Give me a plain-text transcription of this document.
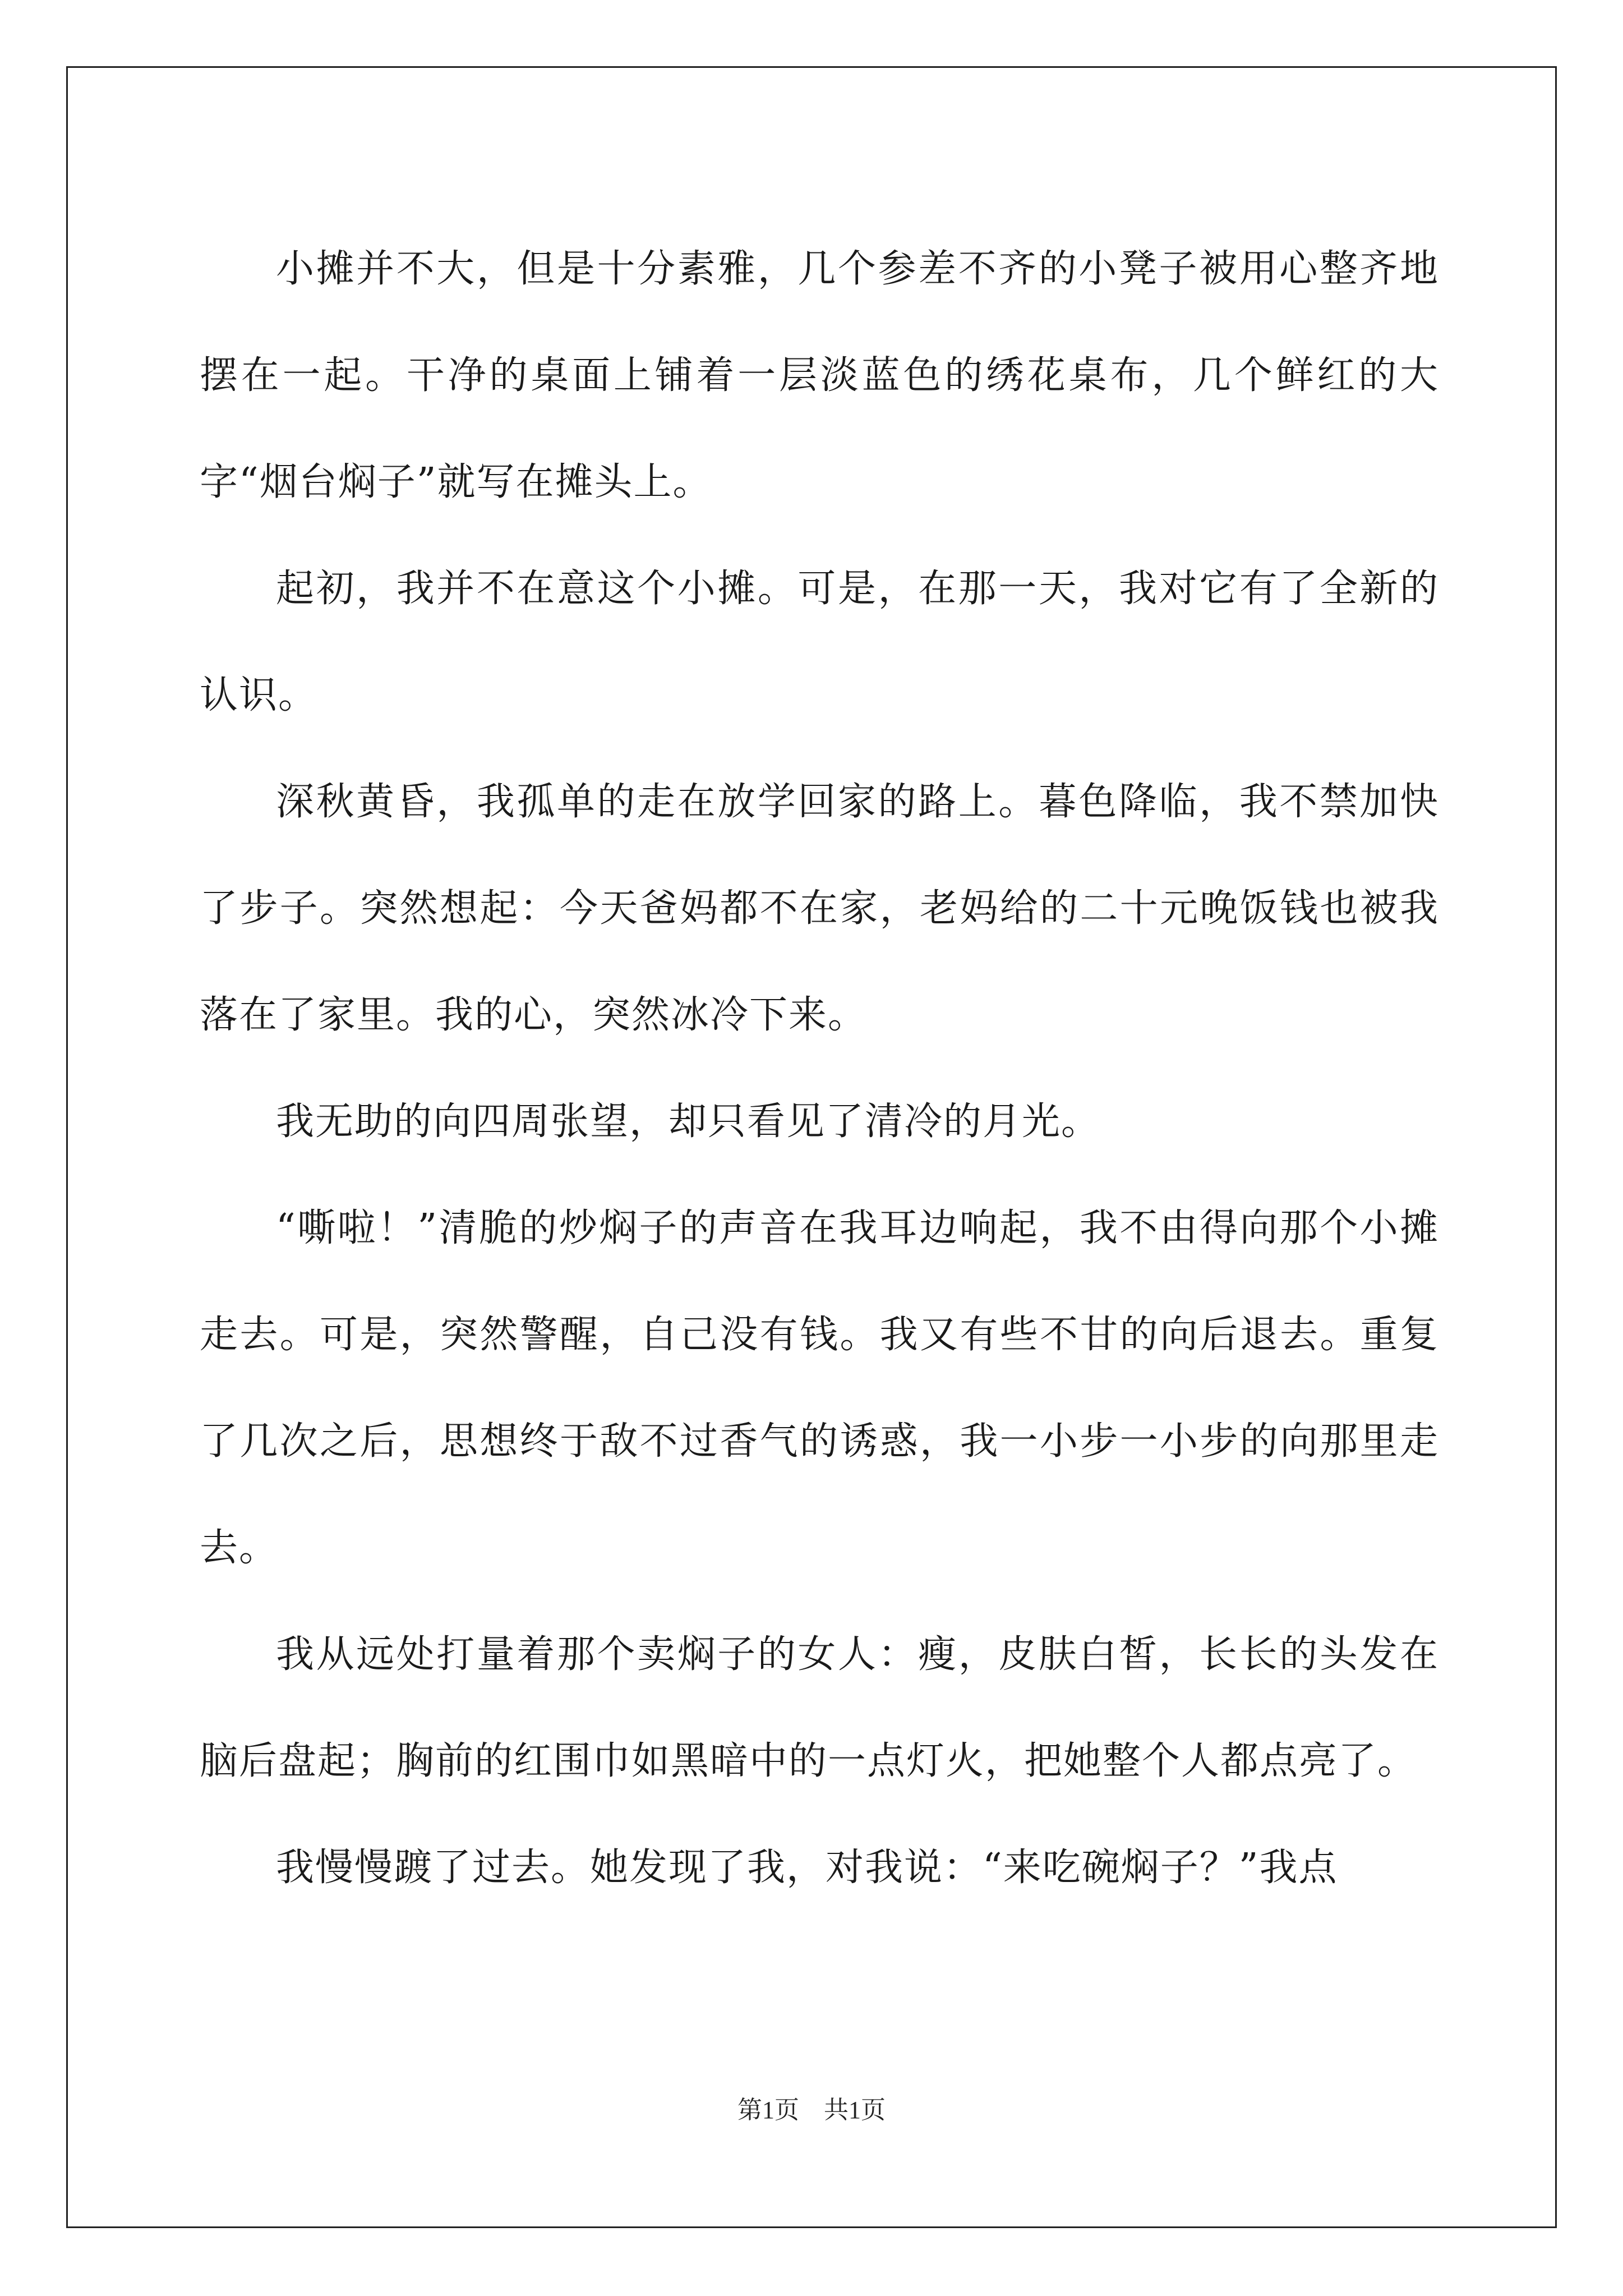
小摊并不大，但是十分素雅，几个参差不齐的小凳子被用心整齐地摆在一起。干净的桌面上铺着一层淡蓝色的绣花桌布，几个鲜红的大字“烟台焖子”就写在摊头上。

起初，我并不在意这个小摊。可是，在那一天，我对它有了全新的认识。

深秋黄昏，我孤单的走在放学回家的路上。暮色降临，我不禁加快了步子。突然想起：今天爸妈都不在家，老妈给的二十元晚饭钱也被我落在了家里。我的心，突然冰冷下来。

我无助的向四周张望，却只看见了清冷的月光。

“嘶啦！”清脆的炒焖子的声音在我耳边响起，我不由得向那个小摊走去。可是，突然警醒，自己没有钱。我又有些不甘的向后退去。重复了几次之后，思想终于敌不过香气的诱惑，我一小步一小步的向那里走去。

我从远处打量着那个卖焖子的女人：瘦，皮肤白皙，长长的头发在脑后盘起；胸前的红围巾如黑暗中的一点灯火，把她整个人都点亮了。

我慢慢踱了过去。她发现了我，对我说：“来吃碗焖子？”我点

第1页　共1页
